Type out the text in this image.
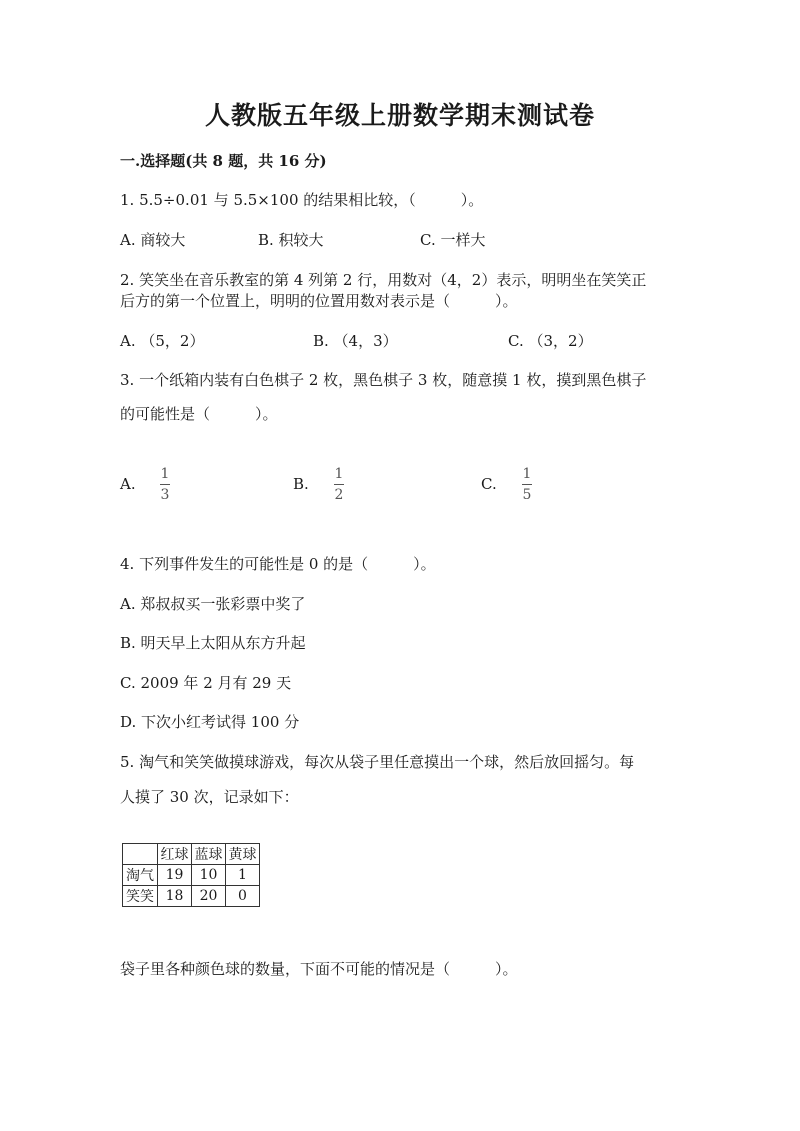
人教版五年级上册数学期末测试卷
一.选择题(共 8 题，共 16 分)
1. 5.5÷0.01 与 5.5×100 的结果相比较，（　　　）。
A. 商较大	B. 积较大	C. 一样大
2. 笑笑坐在音乐教室的第 4 列第 2 行，用数对（4，2）表示，明明坐在笑笑正
后方的第一个位置上，明明的位置用数对表示是（　　　）。
A. （5，2）	B. （4，3）	C. （3，2）
3. 一个纸箱内装有白色棋子 2 枚，黑色棋子 3 枚，随意摸 1 枚，摸到黑色棋子
的可能性是（　　　）。
A.
1
3
B.
1
2
C.
1
5
4. 下列事件发生的可能性是 0 的是（　　　）。
A. 郑叔叔买一张彩票中奖了
B. 明天早上太阳从东方升起
C. 2009 年 2 月有 29 天
D. 下次小红考试得 100 分
5. 淘气和笑笑做摸球游戏，每次从袋子里任意摸出一个球，然后放回摇匀。每
人摸了 30 次，记录如下：
	红球	蓝球	黄球
淘气	19	10	1
笑笑	18	20	0
袋子里各种颜色球的数量，下面不可能的情况是（　　　）。
